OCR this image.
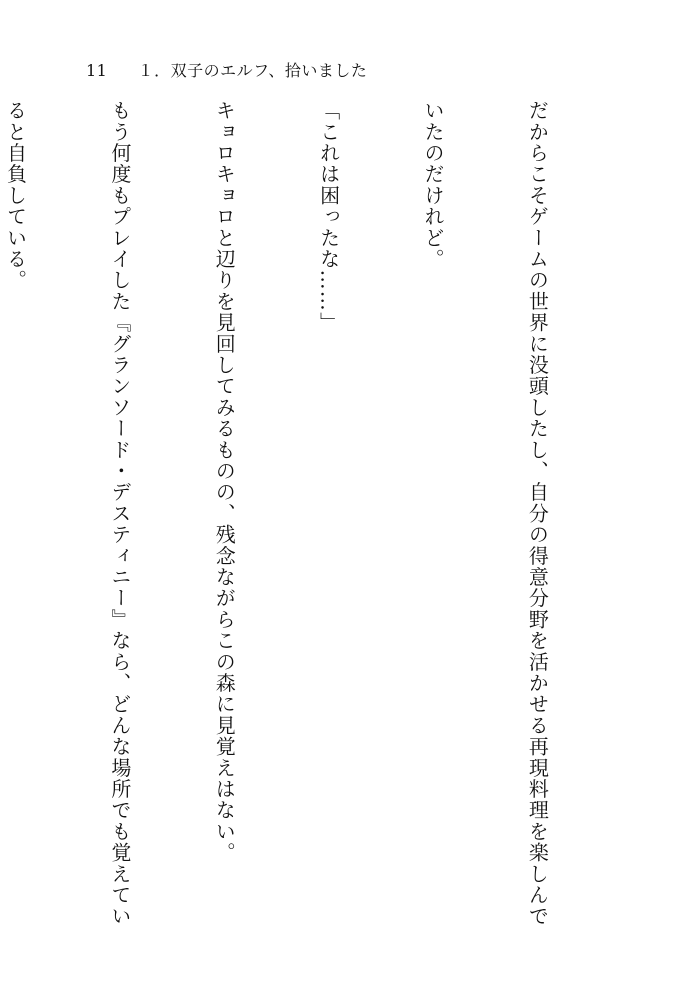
11 １．双子のエルフ、拾いました

だからこそゲームの世界に没頭したし、自分の得意分野を活かせる再現料理を楽しんで

いたのだけれど。

「これは困ったな……」

キョロキョロと辺りを見回してみるものの、残念ながらこの森に見覚えはない。

もう何度もプレイした『グランソード・デスティニー』なら、どんな場所でも覚えてい

ると自負している。
